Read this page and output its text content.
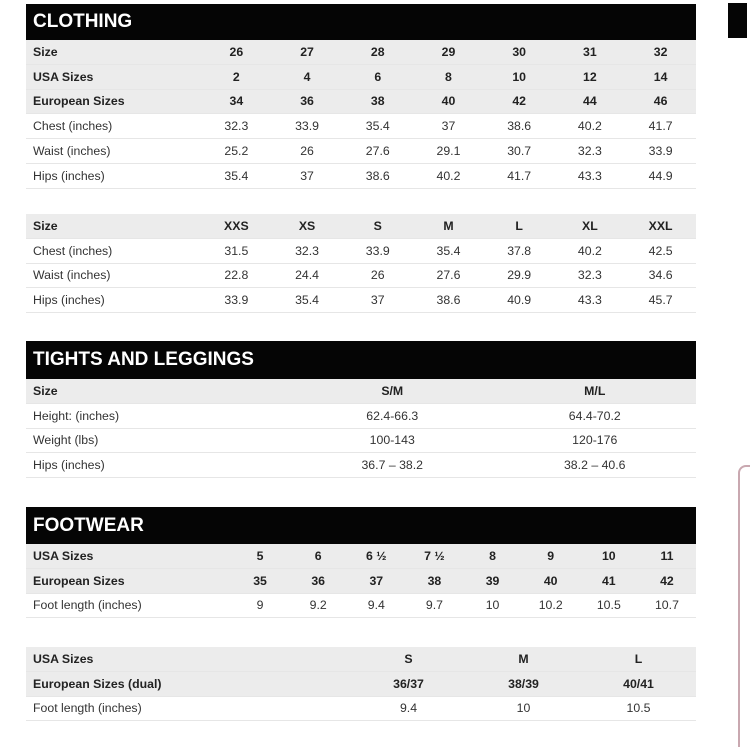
CLOTHING
Size	26	27	28	29	30	31	32
USA Sizes	2	4	6	8	10	12	14
European Sizes	34	36	38	40	42	44	46
Chest (inches)	32.3	33.9	35.4	37	38.6	40.2	41.7
Waist (inches)	25.2	26	27.6	29.1	30.7	32.3	33.9
Hips (inches)	35.4	37	38.6	40.2	41.7	43.3	44.9
Size	XXS	XS	S	M	L	XL	XXL
Chest (inches)	31.5	32.3	33.9	35.4	37.8	40.2	42.5
Waist (inches)	22.8	24.4	26	27.6	29.9	32.3	34.6
Hips (inches)	33.9	35.4	37	38.6	40.9	43.3	45.7
TIGHTS AND LEGGINGS
Size	S/M	M/L
Height: (inches)	62.4-66.3	64.4-70.2
Weight (lbs)	100-143	120-176
Hips (inches)	36.7 – 38.2	38.2 – 40.6
FOOTWEAR
USA Sizes	5	6	6 ½	7 ½	8	9	10	11
European Sizes	35	36	37	38	39	40	41	42
Foot length (inches)	9	9.2	9.4	9.7	10	10.2	10.5	10.7
USA Sizes	S	M	L
European Sizes (dual)	36/37	38/39	40/41
Foot length (inches)	9.4	10	10.5
